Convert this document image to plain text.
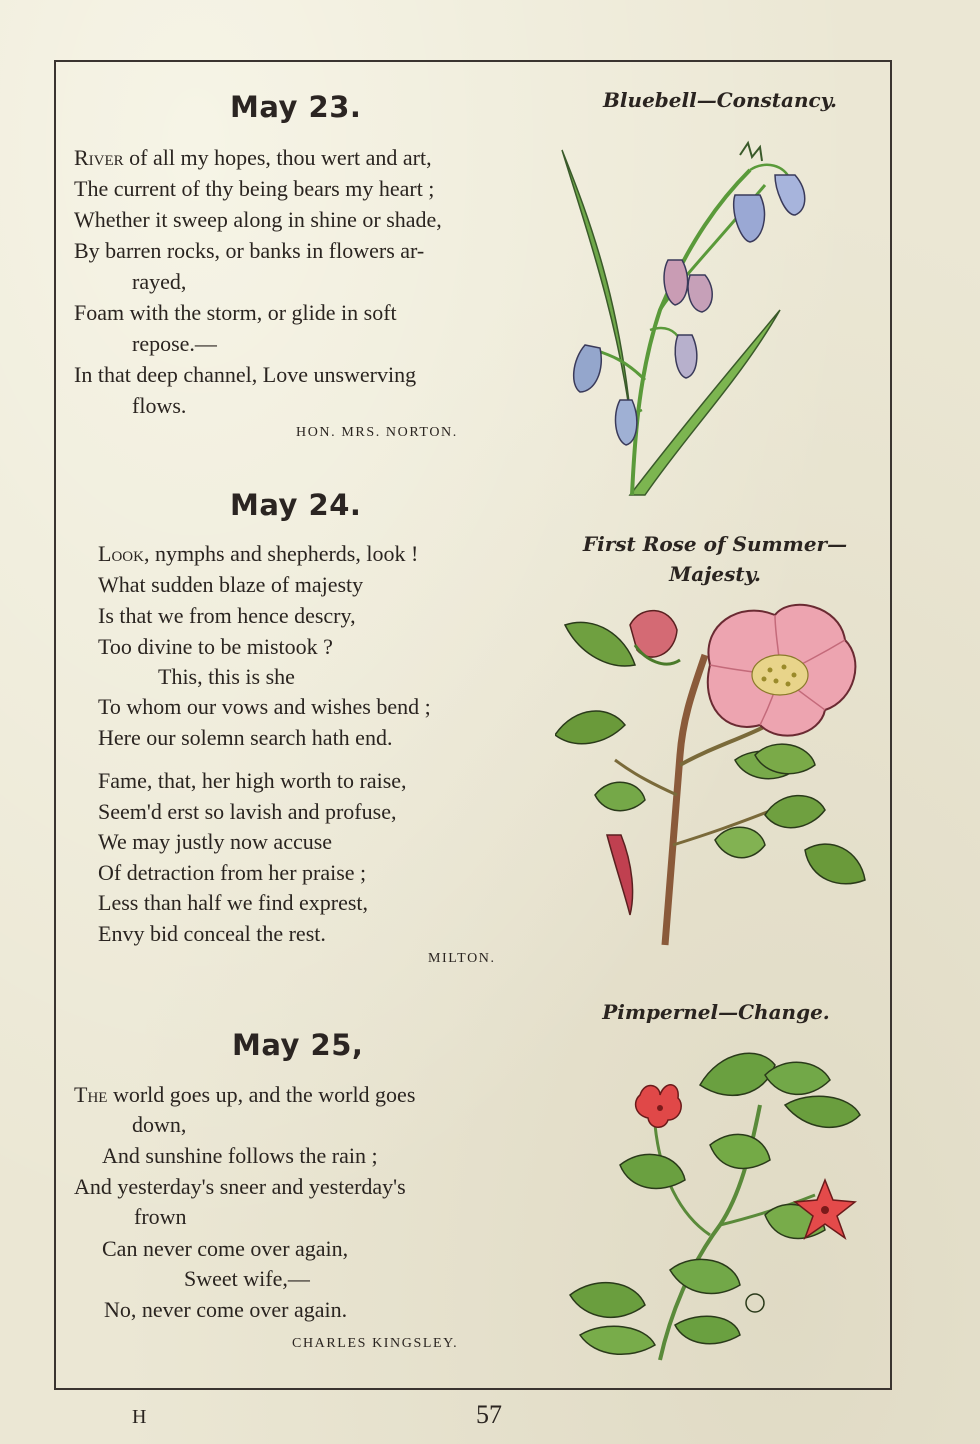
May 23.
River of all my hopes, thou wert and art,
The current of thy being bears my heart ;
Whether it sweep along in shine or shade,
By barren rocks, or banks in flowers ar-
rayed,
Foam with the storm, or glide in soft
repose.—
In that deep channel, Love unswerving
flows.
HON. MRS. NORTON.
May 24.
Look, nymphs and shepherds, look !
What sudden blaze of majesty
Is that we from hence descry,
Too divine to be mistook ?
This, this is she
To whom our vows and wishes bend ;
Here our solemn search hath end.
Fame, that, her high worth to raise,
Seem'd erst so lavish and profuse,
We may justly now accuse
Of detraction from her praise ;
Less than half we find exprest,
Envy bid conceal the rest.
MILTON.
May 25,
The world goes up, and the world goes
down,
And sunshine follows the rain ;
And yesterday's sneer and yesterday's
frown
Can never come over again,
Sweet wife,—
No, never come over again.
CHARLES KINGSLEY.
Bluebell—Constancy.
First Rose of Summer—
Majesty.
Pimpernel—Change.
H	57
